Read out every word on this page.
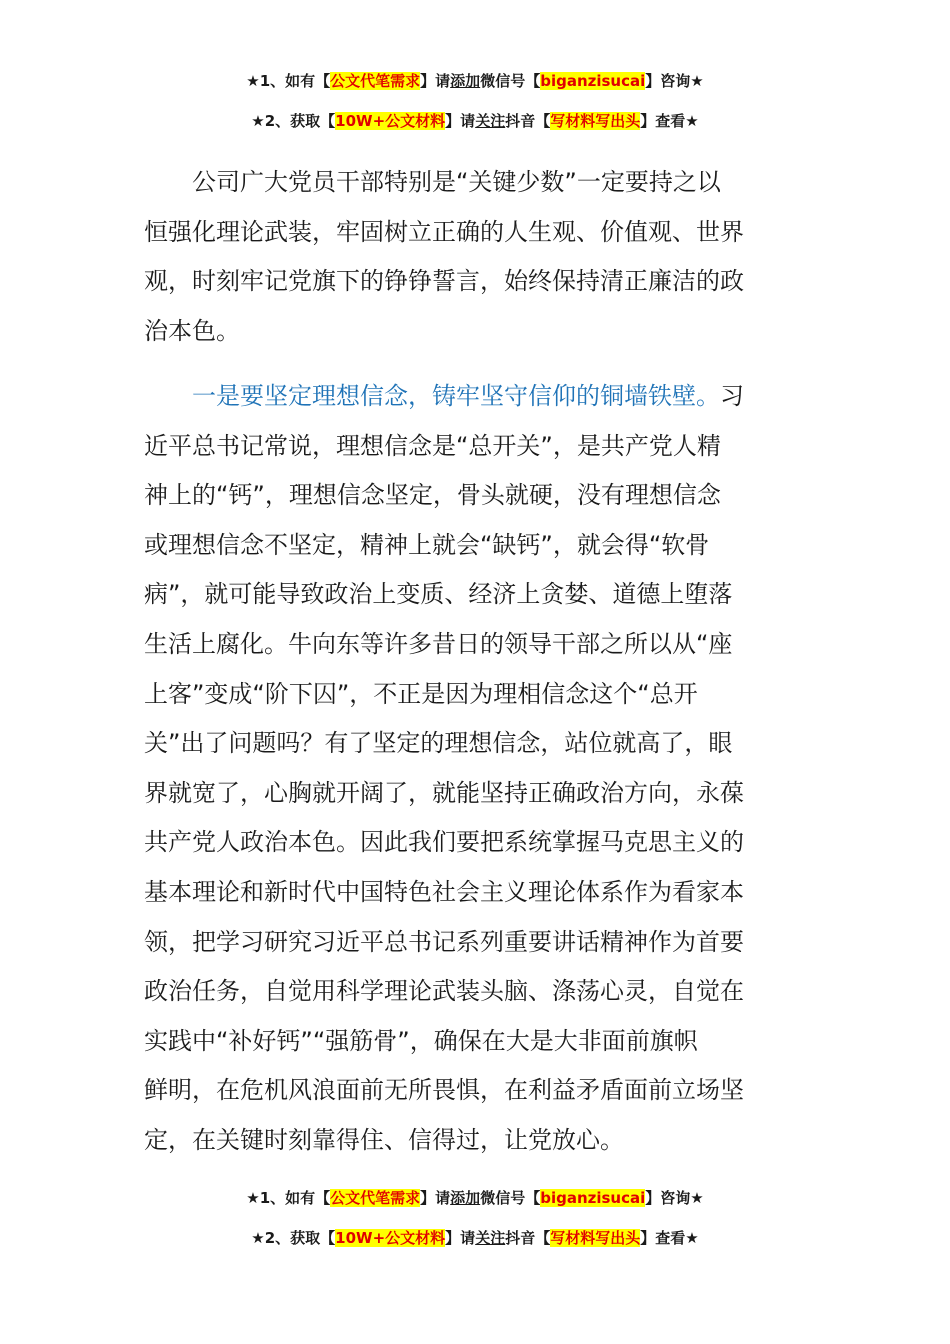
★1、如有【公文代笔需求】请添加微信号【biganzisucai】咨询★
★2、获取【10W+公文材料】请关注抖音【写材料写出头】查看★
公司广大党员干部特别是“关键少数”一定要持之以
恒强化理论武装，牢固树立正确的人生观、价值观、世界
观，时刻牢记党旗下的铮铮誓言，始终保持清正廉洁的政
治本色。
一是要坚定理想信念，铸牢坚守信仰的铜墙铁壁。习
近平总书记常说，理想信念是“总开关”，是共产党人精
神上的“钙”，理想信念坚定，骨头就硬，没有理想信念
或理想信念不坚定，精神上就会“缺钙”，就会得“软骨
病”，就可能导致政治上变质、经济上贪婪、道德上堕落
生活上腐化。牛向东等许多昔日的领导干部之所以从“座
上客”变成“阶下囚”，不正是因为理相信念这个“总开
关”出了问题吗？有了坚定的理想信念，站位就高了，眼
界就宽了，心胸就开阔了，就能坚持正确政治方向，永葆
共产党人政治本色。因此我们要把系统掌握马克思主义的
基本理论和新时代中国特色社会主义理论体系作为看家本
领，把学习研究习近平总书记系列重要讲话精神作为首要
政治任务，自觉用科学理论武装头脑、涤荡心灵，自觉在
实践中“补好钙”“强筋骨”，确保在大是大非面前旗帜
鲜明，在危机风浪面前无所畏惧，在利益矛盾面前立场坚
定，在关键时刻靠得住、信得过，让党放心。
★1、如有【公文代笔需求】请添加微信号【biganzisucai】咨询★
★2、获取【10W+公文材料】请关注抖音【写材料写出头】查看★
